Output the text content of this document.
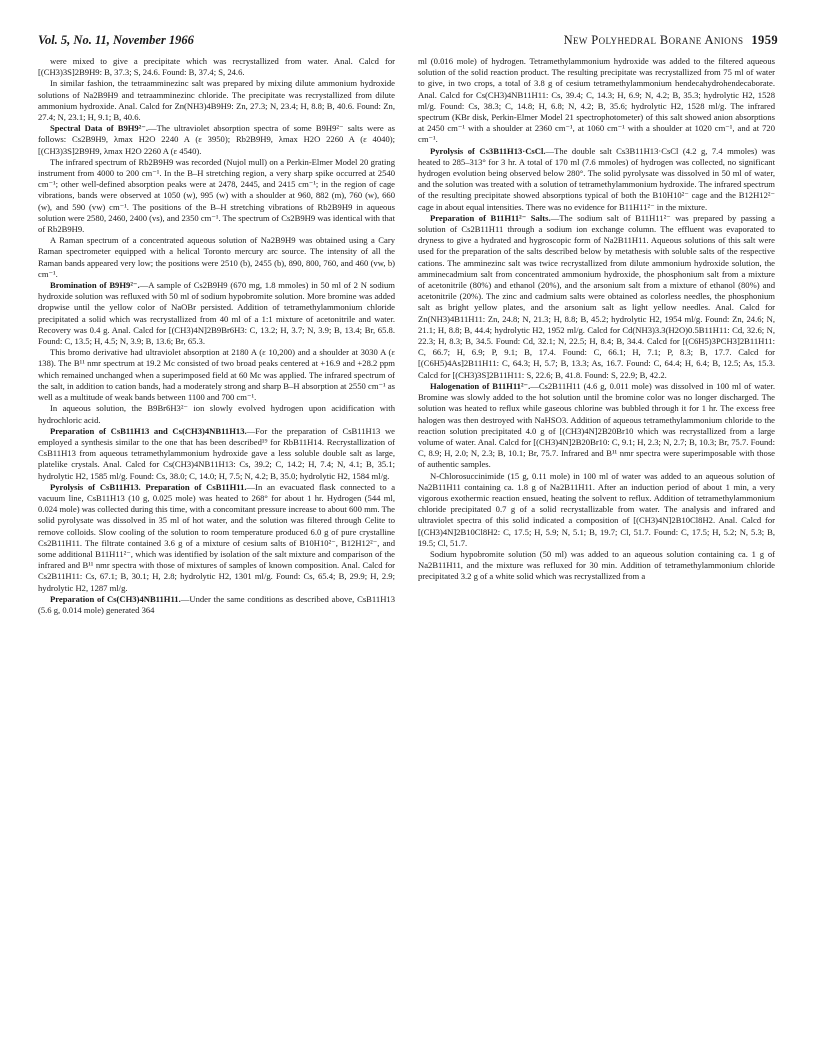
Vol. 5, No. 11, November 1966	New Polyhedral Borane Anions 1959

were mixed to give a precipitate which was recrystallized from water. Anal. Calcd for [(CH3)3S]2B9H9: B, 37.3; S, 24.6. Found: B, 37.4; S, 24.6.

In similar fashion, the tetraamminezinc salt was prepared by mixing dilute ammonium hydroxide solutions of Na2B9H9 and tetraamminezinc chloride. The precipitate was recrystallized from dilute ammonium hydroxide. Anal. Calcd for Zn(NH3)4B9H9: Zn, 27.3; N, 23.4; H, 8.8; B, 40.6. Found: Zn, 27.4; N, 23.1; H, 9.1; B, 40.6.

Spectral Data of B9H9²⁻.—The ultraviolet absorption spectra of some B9H9²⁻ salts were as follows: Cs2B9H9, λmax H2O 2240 A (ε 3950); Rb2B9H9, λmax H2O 2260 A (ε 4040); [(CH3)3S]2B9H9, λmax H2O 2260 A (ε 4540).

The infrared spectrum of Rb2B9H9 was recorded (Nujol mull) on a Perkin-Elmer Model 20 grating instrument from 4000 to 200 cm⁻¹. In the B–H stretching region, a very sharp spike occurred at 2540 cm⁻¹; other well-defined absorption peaks were at 2478, 2445, and 2415 cm⁻¹; in the region of cage vibrations, bands were observed at 1050 (w), 995 (w) with a shoulder at 960, 882 (m), 760 (w), 660 (w), and 590 (vw) cm⁻¹. The positions of the B–H stretching vibrations of Rb2B9H9 in aqueous solution were 2580, 2460, 2400 (vs), and 2350 cm⁻¹. The spectrum of Cs2B9H9 was identical with that of Rb2B9H9.

A Raman spectrum of a concentrated aqueous solution of Na2B9H9 was obtained using a Cary Raman spectrometer equipped with a helical Toronto mercury arc source. The intensity of all the Raman bands appeared very low; the positions were 2510 (b), 2455 (b), 890, 800, 760, and 460 (vw, b) cm⁻¹.

Bromination of B9H9²⁻.—A sample of Cs2B9H9 (670 mg, 1.8 mmoles) in 50 ml of 2 N sodium hydroxide solution was refluxed with 50 ml of sodium hypobromite solution. More bromine was added dropwise until the yellow color of NaOBr persisted. Addition of tetramethylammonium chloride precipitated a solid which was recrystallized from 40 ml of a 1:1 mixture of acetonitrile and water. Recovery was 0.4 g. Anal. Calcd for [(CH3)4N]2B9Br6H3: C, 13.2; H, 3.7; N, 3.9; B, 13.4; Br, 65.8. Found: C, 13.5; H, 4.5; N, 3.9; B, 13.6; Br, 65.3.

This bromo derivative had ultraviolet absorption at 2180 A (ε 10,200) and a shoulder at 3030 A (ε 138). The B¹¹ nmr spectrum at 19.2 Mc consisted of two broad peaks centered at +16.9 and +28.2 ppm which remained unchanged when a superimposed field at 60 Mc was applied. The infrared spectrum of the salt, in addition to cation bands, had a moderately strong and sharp B–H absorption at 2550 cm⁻¹ as well as a multitude of weak bands between 1100 and 700 cm⁻¹.

In aqueous solution, the B9Br6H3²⁻ ion slowly evolved hydrogen upon acidification with hydrochloric acid.

Preparation of CsB11H13 and Cs(CH3)4NB11H13.—For the preparation of CsB11H13 we employed a synthesis similar to the one that has been described¹⁹ for RbB11H14. Recrystallization of CsB11H13 from aqueous tetramethylammonium hydroxide gave a less soluble double salt as large, platelike crystals. Anal. Calcd for Cs(CH3)4NB11H13: Cs, 39.2; C, 14.2; H, 7.4; N, 4.1; B, 35.1; hydrolytic H2, 1585 ml/g. Found: Cs, 38.0; C, 14.0; H, 7.5; N, 4.2; B, 35.0; hydrolytic H2, 1584 ml/g.

Pyrolysis of CsB11H13. Preparation of CsB11H11.—In an evacuated flask connected to a vacuum line, CsB11H13 (10 g, 0.025 mole) was heated to 268° for about 1 hr. Hydrogen (544 ml, 0.024 mole) was collected during this time, with a concomitant pressure increase to about 600 mm. The solid pyrolysate was dissolved in 35 ml of hot water, and the solution was filtered through Celite to remove colloids. Slow cooling of the solution to room temperature produced 6.0 g of pure crystalline Cs2B11H11. The filtrate contained 3.6 g of a mixture of cesium salts of B10H10²⁻, B12H12²⁻, and some additional B11H11²⁻, which was identified by isolation of the salt mixture and comparison of the infrared and B¹¹ nmr spectra with those of mixtures of samples of known composition. Anal. Calcd for Cs2B11H11: Cs, 67.1; B, 30.1; H, 2.8; hydrolytic H2, 1301 ml/g. Found: Cs, 65.4; B, 29.9; H, 2.9; hydrolytic H2, 1287 ml/g.

Preparation of Cs(CH3)4NB11H11.—Under the same conditions as described above, CsB11H13 (5.6 g, 0.014 mole) generated 364

ml (0.016 mole) of hydrogen. Tetramethylammonium hydroxide was added to the filtered aqueous solution of the solid reaction product. The resulting precipitate was recrystallized from 75 ml of water to give, in two crops, a total of 3.8 g of cesium tetramethylammonium hendecahydrohendecaborate. Anal. Calcd for Cs(CH3)4NB11H11: Cs, 39.4; C, 14.3; H, 6.9; N, 4.2; B, 35.3; hydrolytic H2, 1528 ml/g. Found: Cs, 38.3; C, 14.8; H, 6.8; N, 4.2; B, 35.6; hydrolytic H2, 1528 ml/g. The infrared spectrum (KBr disk, Perkin-Elmer Model 21 spectrophotometer) of this salt showed anion absorptions at 2450 cm⁻¹ with a shoulder at 2360 cm⁻¹, at 1060 cm⁻¹ with a shoulder at 1020 cm⁻¹, and at 720 cm⁻¹.

Pyrolysis of Cs3B11H13·CsCl.—The double salt Cs3B11H13·CsCl (4.2 g, 7.4 mmoles) was heated to 285–313° for 3 hr. A total of 170 ml (7.6 mmoles) of hydrogen was collected, no significant hydrogen evolution being observed below 280°. The solid pyrolysate was dissolved in 50 ml of water, and the solution was treated with a solution of tetramethylammonium hydroxide. The infrared spectrum of the resulting precipitate showed absorptions typical of both the B10H10²⁻ cage and the B12H12²⁻ cage in about equal intensities. There was no evidence for B11H11²⁻ in the mixture.

Preparation of B11H11²⁻ Salts.—The sodium salt of B11H11²⁻ was prepared by passing a solution of Cs2B11H11 through a sodium ion exchange column. The effluent was evaporated to dryness to give a hydrated and hygroscopic form of Na2B11H11. Aqueous solutions of this salt were used for the preparation of the salts described below by metathesis with soluble salts of the respective cations. The amminezinc salt was twice recrystallized from dilute ammonium hydroxide solution, the amminecadmium salt from concentrated ammonium hydroxide, the phosphonium salt from a mixture of acetonitrile (80%) and ethanol (20%), and the arsonium salt from a mixture of ethanol (80%) and acetonitrile (20%). The zinc and cadmium salts were obtained as colorless needles, the phosphonium salt as bright yellow plates, and the arsonium salt as light yellow needles. Anal. Calcd for Zn(NH3)4B11H11: Zn, 24.8; N, 21.3; H, 8.8; B, 45.2; hydrolytic H2, 1954 ml/g. Found: Zn, 24.6; N, 21.1; H, 8.8; B, 44.4; hydrolytic H2, 1952 ml/g. Calcd for Cd(NH3)3.3(H2O)0.5B11H11: Cd, 32.6; N, 22.3; H, 8.3; B, 34.5. Found: Cd, 32.1; N, 22.5; H, 8.4; B, 34.4. Calcd for [(C6H5)3PCH3]2B11H11: C, 66.7; H, 6.9; P, 9.1; B, 17.4. Found: C, 66.1; H, 7.1; P, 8.3; B, 17.7. Calcd for [(C6H5)4As]2B11H11: C, 64.3; H, 5.7; B, 13.3; As, 16.7. Found: C, 64.4; H, 6.4; B, 12.5; As, 15.3. Calcd for [(CH3)3S]2B11H11: S, 22.6; B, 41.8. Found: S, 22.9; B, 42.2.

Halogenation of B11H11²⁻.—Cs2B11H11 (4.6 g, 0.011 mole) was dissolved in 100 ml of water. Bromine was slowly added to the hot solution until the bromine color was no longer discharged. The solution was heated to reflux while gaseous chlorine was bubbled through it for 1 hr. The excess free halogen was then destroyed with NaHSO3. Addition of aqueous tetramethylammonium chloride to the reaction solution precipitated 4.0 g of [(CH3)4N]2B20Br10 which was recrystallized from a large volume of water. Anal. Calcd for [(CH3)4N]2B20Br10: C, 9.1; H, 2.3; N, 2.7; B, 10.3; Br, 75.7. Found: C, 8.9; H, 2.0; N, 2.3; B, 10.1; Br, 75.7. Infrared and B¹¹ nmr spectra were superimposable with those of authentic samples.

N-Chlorosuccinimide (15 g, 0.11 mole) in 100 ml of water was added to an aqueous solution of Na2B11H11 containing ca. 1.8 g of Na2B11H11. After an induction period of about 1 min, a very vigorous exothermic reaction ensued, heating the solvent to reflux. Addition of tetramethylammonium chloride precipitated 0.7 g of a solid recrystallizable from water. The analysis and infrared and ultraviolet spectra of this solid indicated a composition of [(CH3)4N]2B10Cl8H2. Anal. Calcd for [(CH3)4N]2B10Cl8H2: C, 17.5; H, 5.9; N, 5.1; B, 19.7; Cl, 51.7. Found: C, 17.5; H, 5.2; N, 5.3; B, 19.5; Cl, 51.7.

Sodium hypobromite solution (50 ml) was added to an aqueous solution containing ca. 1 g of Na2B11H11, and the mixture was refluxed for 30 min. Addition of tetramethylammonium chloride precipitated 3.2 g of a white solid which was recrystallized from a
